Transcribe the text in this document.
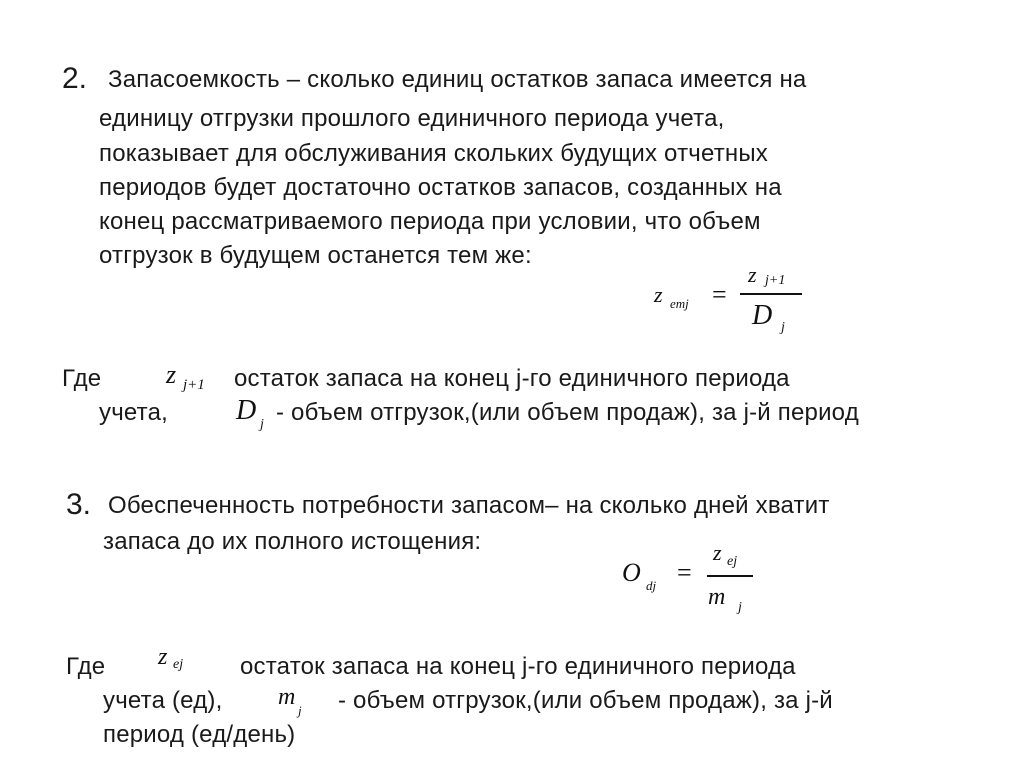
2. Запасоемкость – сколько единиц остатков запаса имеется на
единицу отгрузки прошлого единичного периода учета,
показывает для обслуживания скольких будущих отчетных
периодов будет достаточно остатков запасов, созданных на
конец рассматриваемого периода при условии, что объем
отгрузок в будущем останется тем же:
z emj =
z j+1
D j
Где z j+1 остаток запаса на конец j-го единичного периода
учета, D j - объем отгрузок,(или объем продаж), за j-й период
3. Обеспеченность потребности запасом– на сколько дней хватит
запаса до их полного истощения:
O dj =
z ej
m j
Где z ej остаток запаса на конец j-го единичного периода
учета (ед), m
j - объем отгрузок,(или объем продаж), за j-й
период (ед/день)
